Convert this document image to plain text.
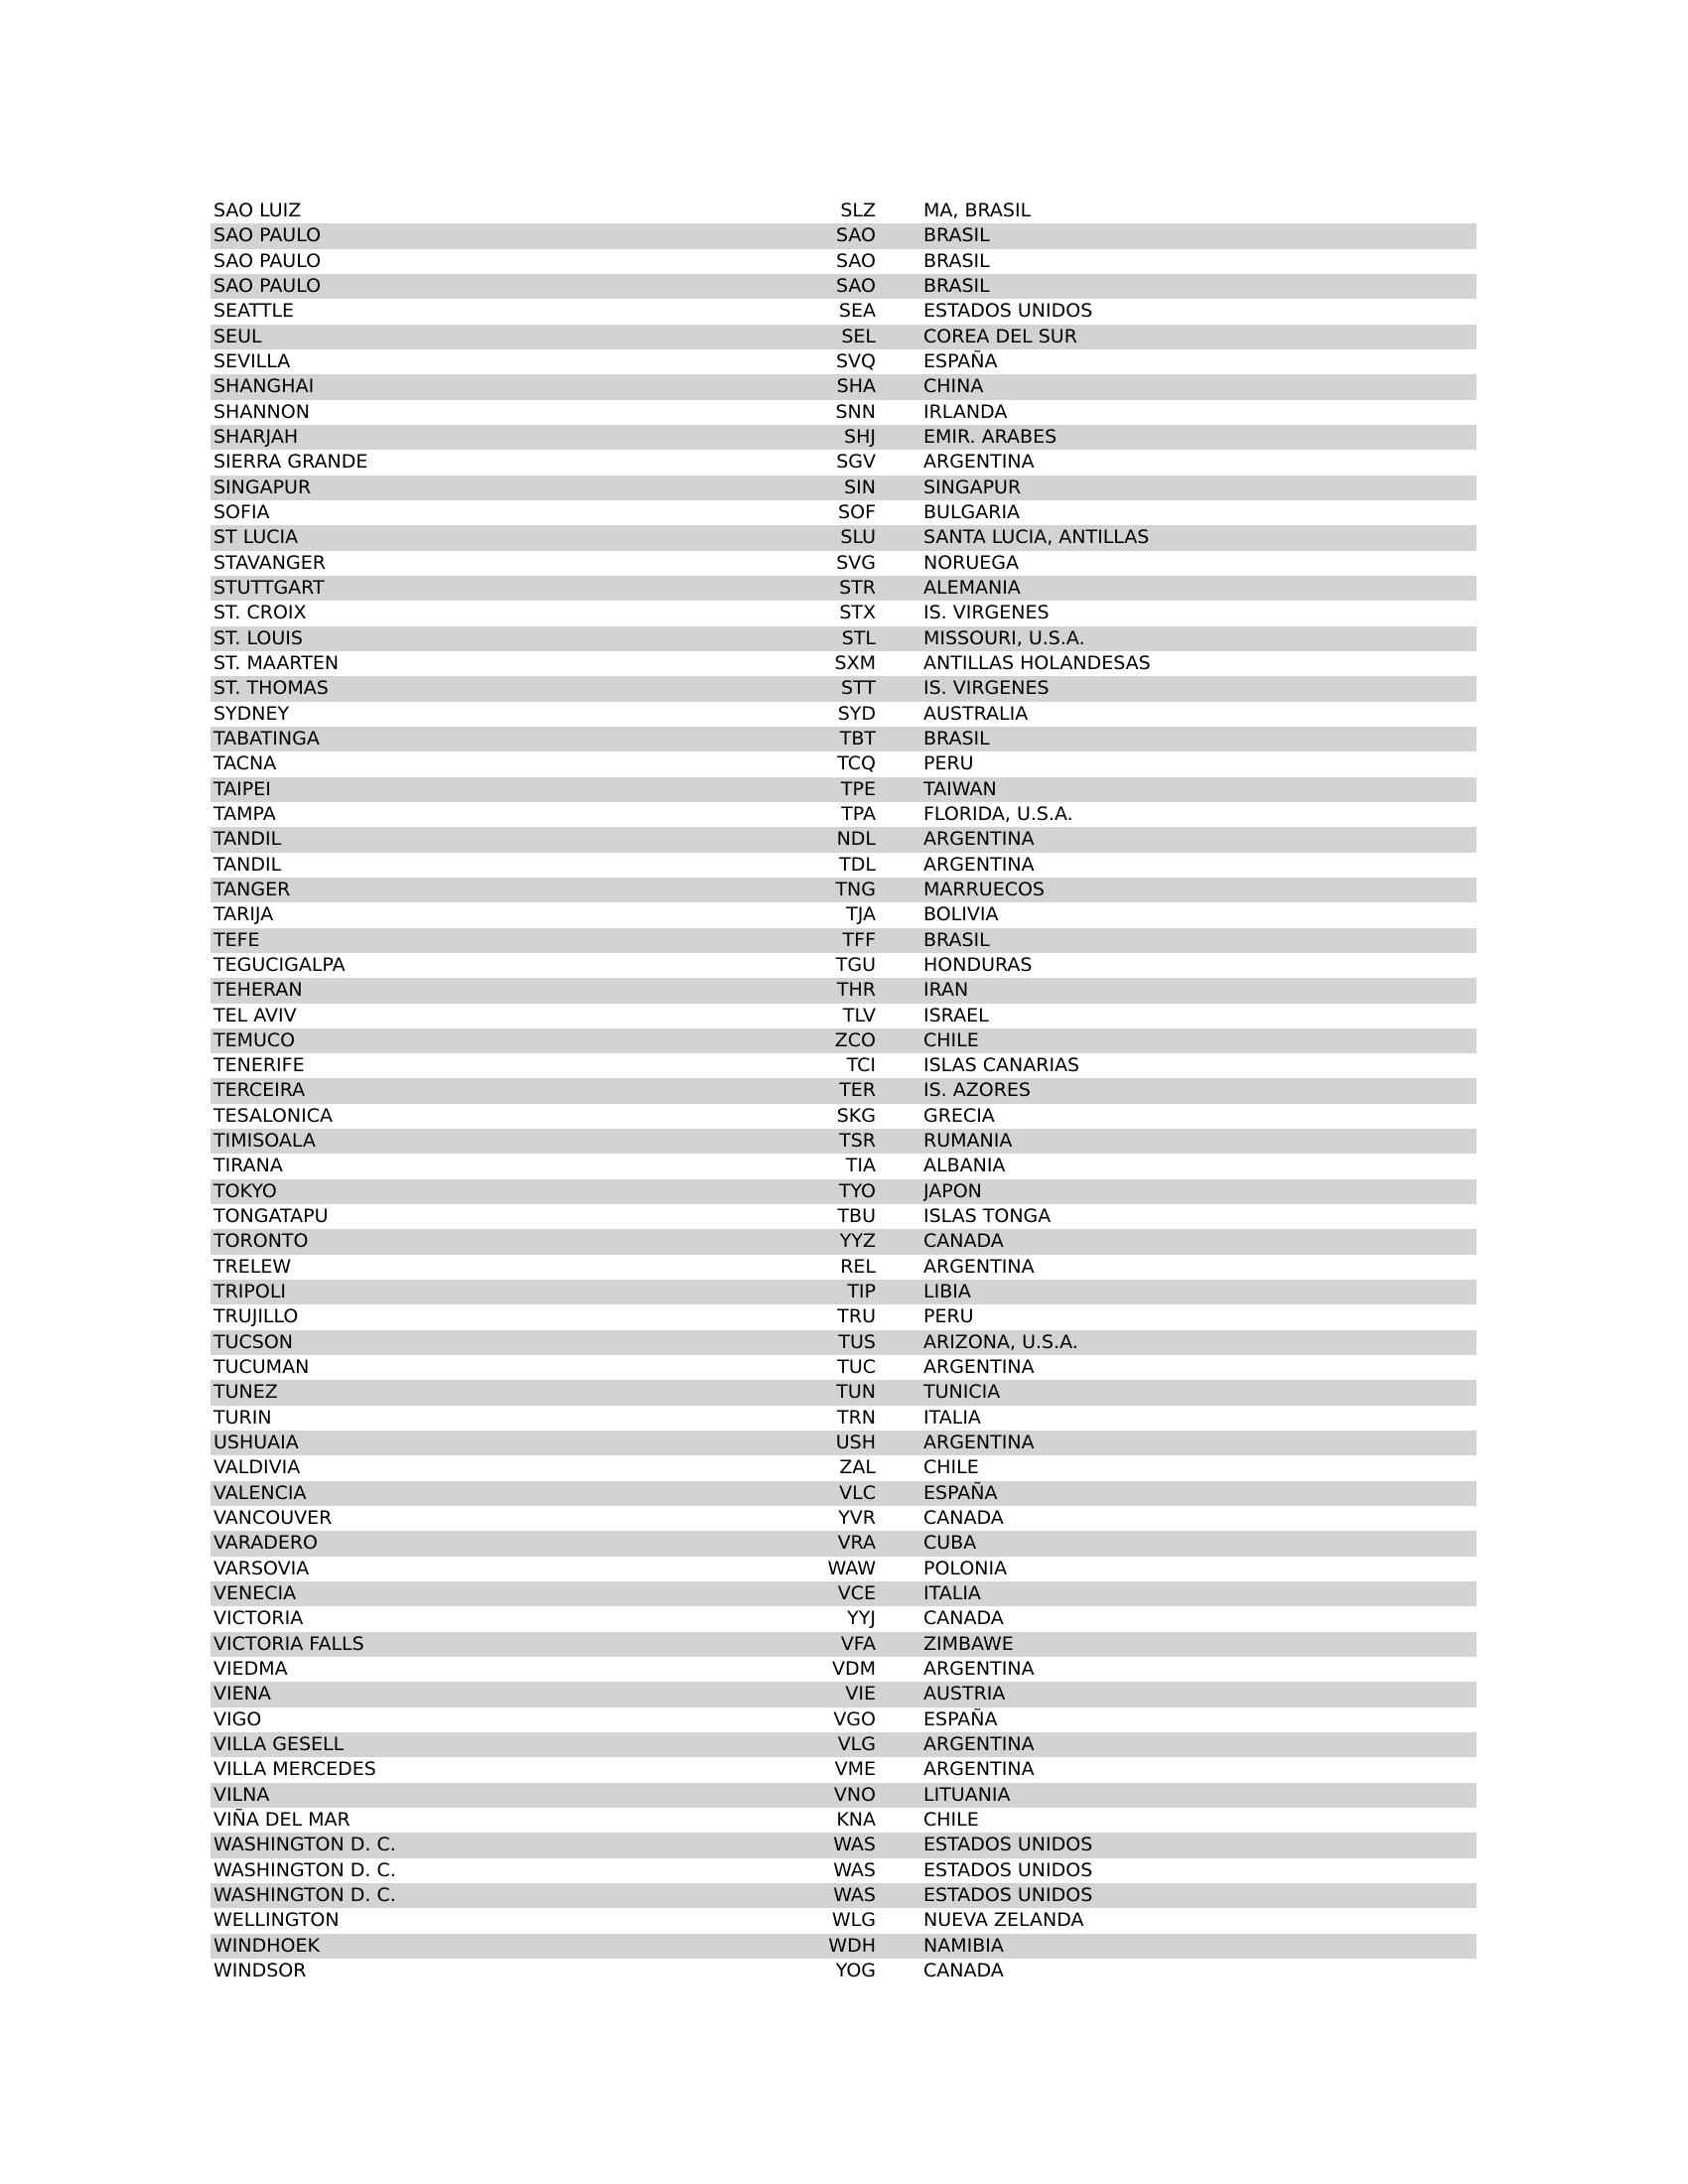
SAO LUIZ	SLZ	MA, BRASIL
SAO PAULO	SAO	BRASIL
SAO PAULO	SAO	BRASIL
SAO PAULO	SAO	BRASIL
SEATTLE	SEA	ESTADOS UNIDOS
SEUL	SEL	COREA DEL SUR
SEVILLA	SVQ	ESPAÑA
SHANGHAI	SHA	CHINA
SHANNON	SNN	IRLANDA
SHARJAH	SHJ	EMIR. ARABES
SIERRA GRANDE	SGV	ARGENTINA
SINGAPUR	SIN	SINGAPUR
SOFIA	SOF	BULGARIA
ST LUCIA	SLU	SANTA LUCIA, ANTILLAS
STAVANGER	SVG	NORUEGA
STUTTGART	STR	ALEMANIA
ST. CROIX	STX	IS. VIRGENES
ST. LOUIS	STL	MISSOURI, U.S.A.
ST. MAARTEN	SXM	ANTILLAS HOLANDESAS
ST. THOMAS	STT	IS. VIRGENES
SYDNEY	SYD	AUSTRALIA
TABATINGA	TBT	BRASIL
TACNA	TCQ	PERU
TAIPEI	TPE	TAIWAN
TAMPA	TPA	FLORIDA, U.S.A.
TANDIL	NDL	ARGENTINA
TANDIL	TDL	ARGENTINA
TANGER	TNG	MARRUECOS
TARIJA	TJA	BOLIVIA
TEFE	TFF	BRASIL
TEGUCIGALPA	TGU	HONDURAS
TEHERAN	THR	IRAN
TEL AVIV	TLV	ISRAEL
TEMUCO	ZCO	CHILE
TENERIFE	TCI	ISLAS CANARIAS
TERCEIRA	TER	IS. AZORES
TESALONICA	SKG	GRECIA
TIMISOALA	TSR	RUMANIA
TIRANA	TIA	ALBANIA
TOKYO	TYO	JAPON
TONGATAPU	TBU	ISLAS TONGA
TORONTO	YYZ	CANADA
TRELEW	REL	ARGENTINA
TRIPOLI	TIP	LIBIA
TRUJILLO	TRU	PERU
TUCSON	TUS	ARIZONA, U.S.A.
TUCUMAN	TUC	ARGENTINA
TUNEZ	TUN	TUNICIA
TURIN	TRN	ITALIA
USHUAIA	USH	ARGENTINA
VALDIVIA	ZAL	CHILE
VALENCIA	VLC	ESPAÑA
VANCOUVER	YVR	CANADA
VARADERO	VRA	CUBA
VARSOVIA	WAW	POLONIA
VENECIA	VCE	ITALIA
VICTORIA	YYJ	CANADA
VICTORIA FALLS	VFA	ZIMBAWE
VIEDMA	VDM	ARGENTINA
VIENA	VIE	AUSTRIA
VIGO	VGO	ESPAÑA
VILLA GESELL	VLG	ARGENTINA
VILLA MERCEDES	VME	ARGENTINA
VILNA	VNO	LITUANIA
VIÑA DEL MAR	KNA	CHILE
WASHINGTON D. C.	WAS	ESTADOS UNIDOS
WASHINGTON D. C.	WAS	ESTADOS UNIDOS
WASHINGTON D. C.	WAS	ESTADOS UNIDOS
WELLINGTON	WLG	NUEVA ZELANDA
WINDHOEK	WDH	NAMIBIA
WINDSOR	YOG	CANADA
